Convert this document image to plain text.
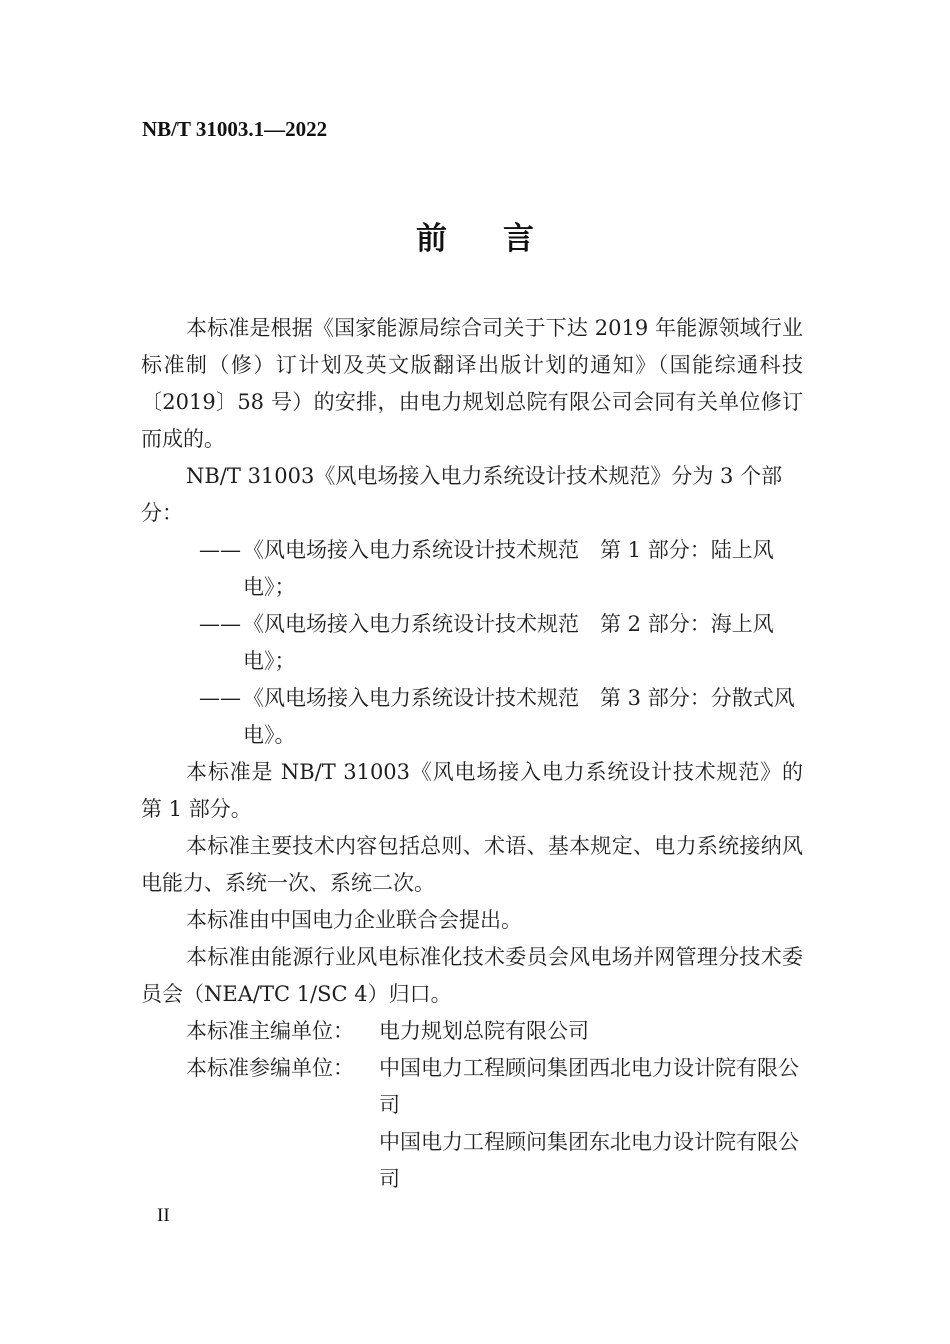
NB/T 31003.1—2022
前言

本标准是根据《国家能源局综合司关于下达 2019 年能源领域行业标准制（修）订计划及英文版翻译出版计划的通知》（国能综通科技〔2019〕58 号）的安排，由电力规划总院有限公司会同有关单位修订而成的。

NB/T 31003《风电场接入电力系统设计技术规范》分为 3 个部分：

—— 《风电场接入电力系统设计技术规范　第 1 部分：陆上风电》；
—— 《风电场接入电力系统设计技术规范　第 2 部分：海上风电》；
—— 《风电场接入电力系统设计技术规范　第 3 部分：分散式风电》。

本标准是 NB/T 31003《风电场接入电力系统设计技术规范》的第 1 部分。

本标准主要技术内容包括总则、术语、基本规定、电力系统接纳风电能力、系统一次、系统二次。

本标准由中国电力企业联合会提出。

本标准由能源行业风电标准化技术委员会风电场并网管理分技术委员会（NEA/TC 1/SC 4）归口。

本标准主编单位：	电力规划总院有限公司
本标准参编单位：	中国电力工程顾问集团西北电力设计院有限公司
中国电力工程顾问集团东北电力设计院有限公司
II
